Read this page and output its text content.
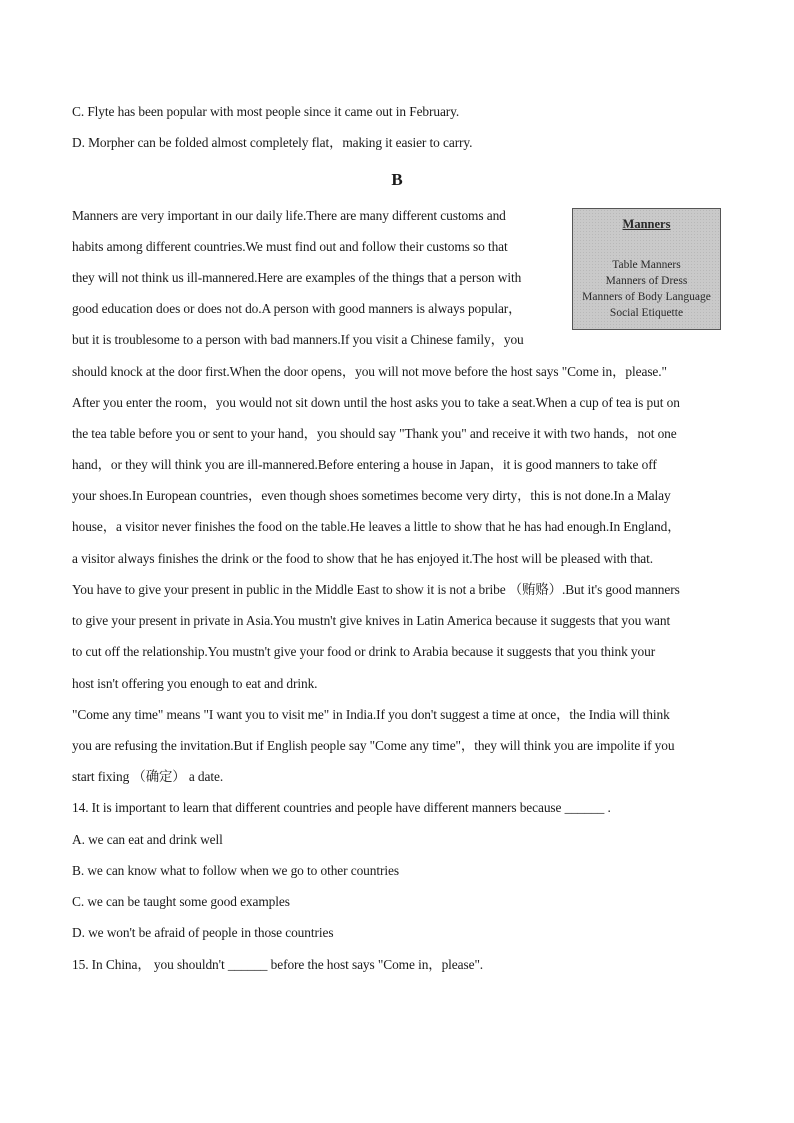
C. Flyte has been popular with most people since it came out in February.
D. Morpher can be folded almost completely flat，making it easier to carry.
B
Manners
Table Manners
Manners of Dress
Manners of Body Language
Social Etiquette
Manners are very important in our daily life.There are many different customs and
habits among different countries.We must find out and follow their customs so that
they will not think us ill-mannered.Here are examples of the things that a person with
good education does or does not do.A person with good manners is always popular，
but it is troublesome to a person with bad manners.If you visit a Chinese family，you
should knock at the door first.When the door opens，you will not move before the host says "Come in，please."
After you enter the room，you would not sit down until the host asks you to take a seat.When a cup of tea is put on
the tea table before you or sent to your hand，you should say "Thank you" and receive it with two hands，not one
hand，or they will think you are ill-mannered.Before entering a house in Japan，it is good manners to take off
your shoes.In European countries，even though shoes sometimes become very dirty，this is not done.In a Malay
house，a visitor never finishes the food on the table.He leaves a little to show that he has had enough.In England，
a visitor always finishes the drink or the food to show that he has enjoyed it.The host will be pleased with that.
You have to give your present in public in the Middle East to show it is not a bribe （贿赂）.But it's good manners
to give your present in private in Asia.You mustn't give knives in Latin America because it suggests that you want
to cut off the relationship.You mustn't give your food or drink to Arabia because it suggests that you think your
host isn't offering you enough to eat and drink.
"Come any time" means "I want you to visit me" in India.If you don't suggest a time at once，the India will think
you are refusing the invitation.But if English people say "Come any time"，they will think you are impolite if you
start fixing （确定） a date.
14. It is important to learn that different countries and people have different manners because ______ .
A. we can eat and drink well
B. we can know what to follow when we go to other countries
C. we can be taught some good examples
D. we won't be afraid of people in those countries
15. In China， you shouldn't ______ before the host says "Come in，please".
